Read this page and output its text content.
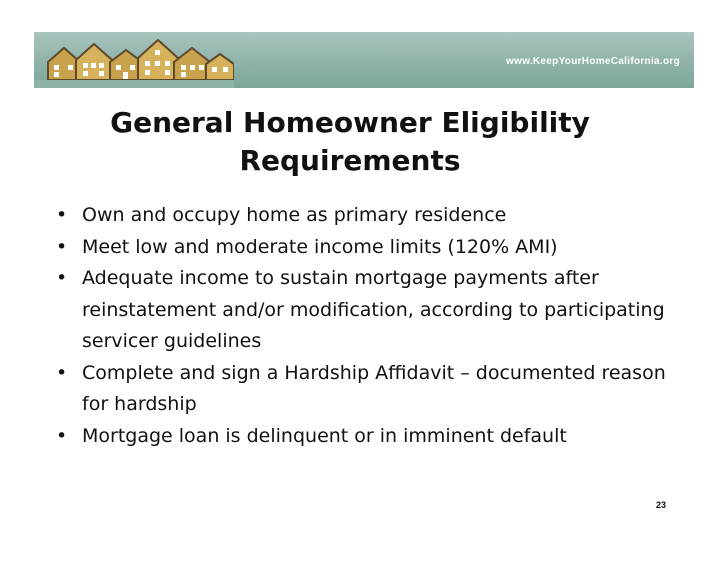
www.KeepYourHomeCalifornia.org
General Homeowner Eligibility Requirements
• Own and occupy home as primary residence
• Meet low and moderate income limits (120% AMI)
• Adequate income to sustain mortgage payments after reinstatement and/or modification, according to participating servicer guidelines
• Complete and sign a Hardship Affidavit – documented reason for hardship
• Mortgage loan is delinquent or in imminent default
23
